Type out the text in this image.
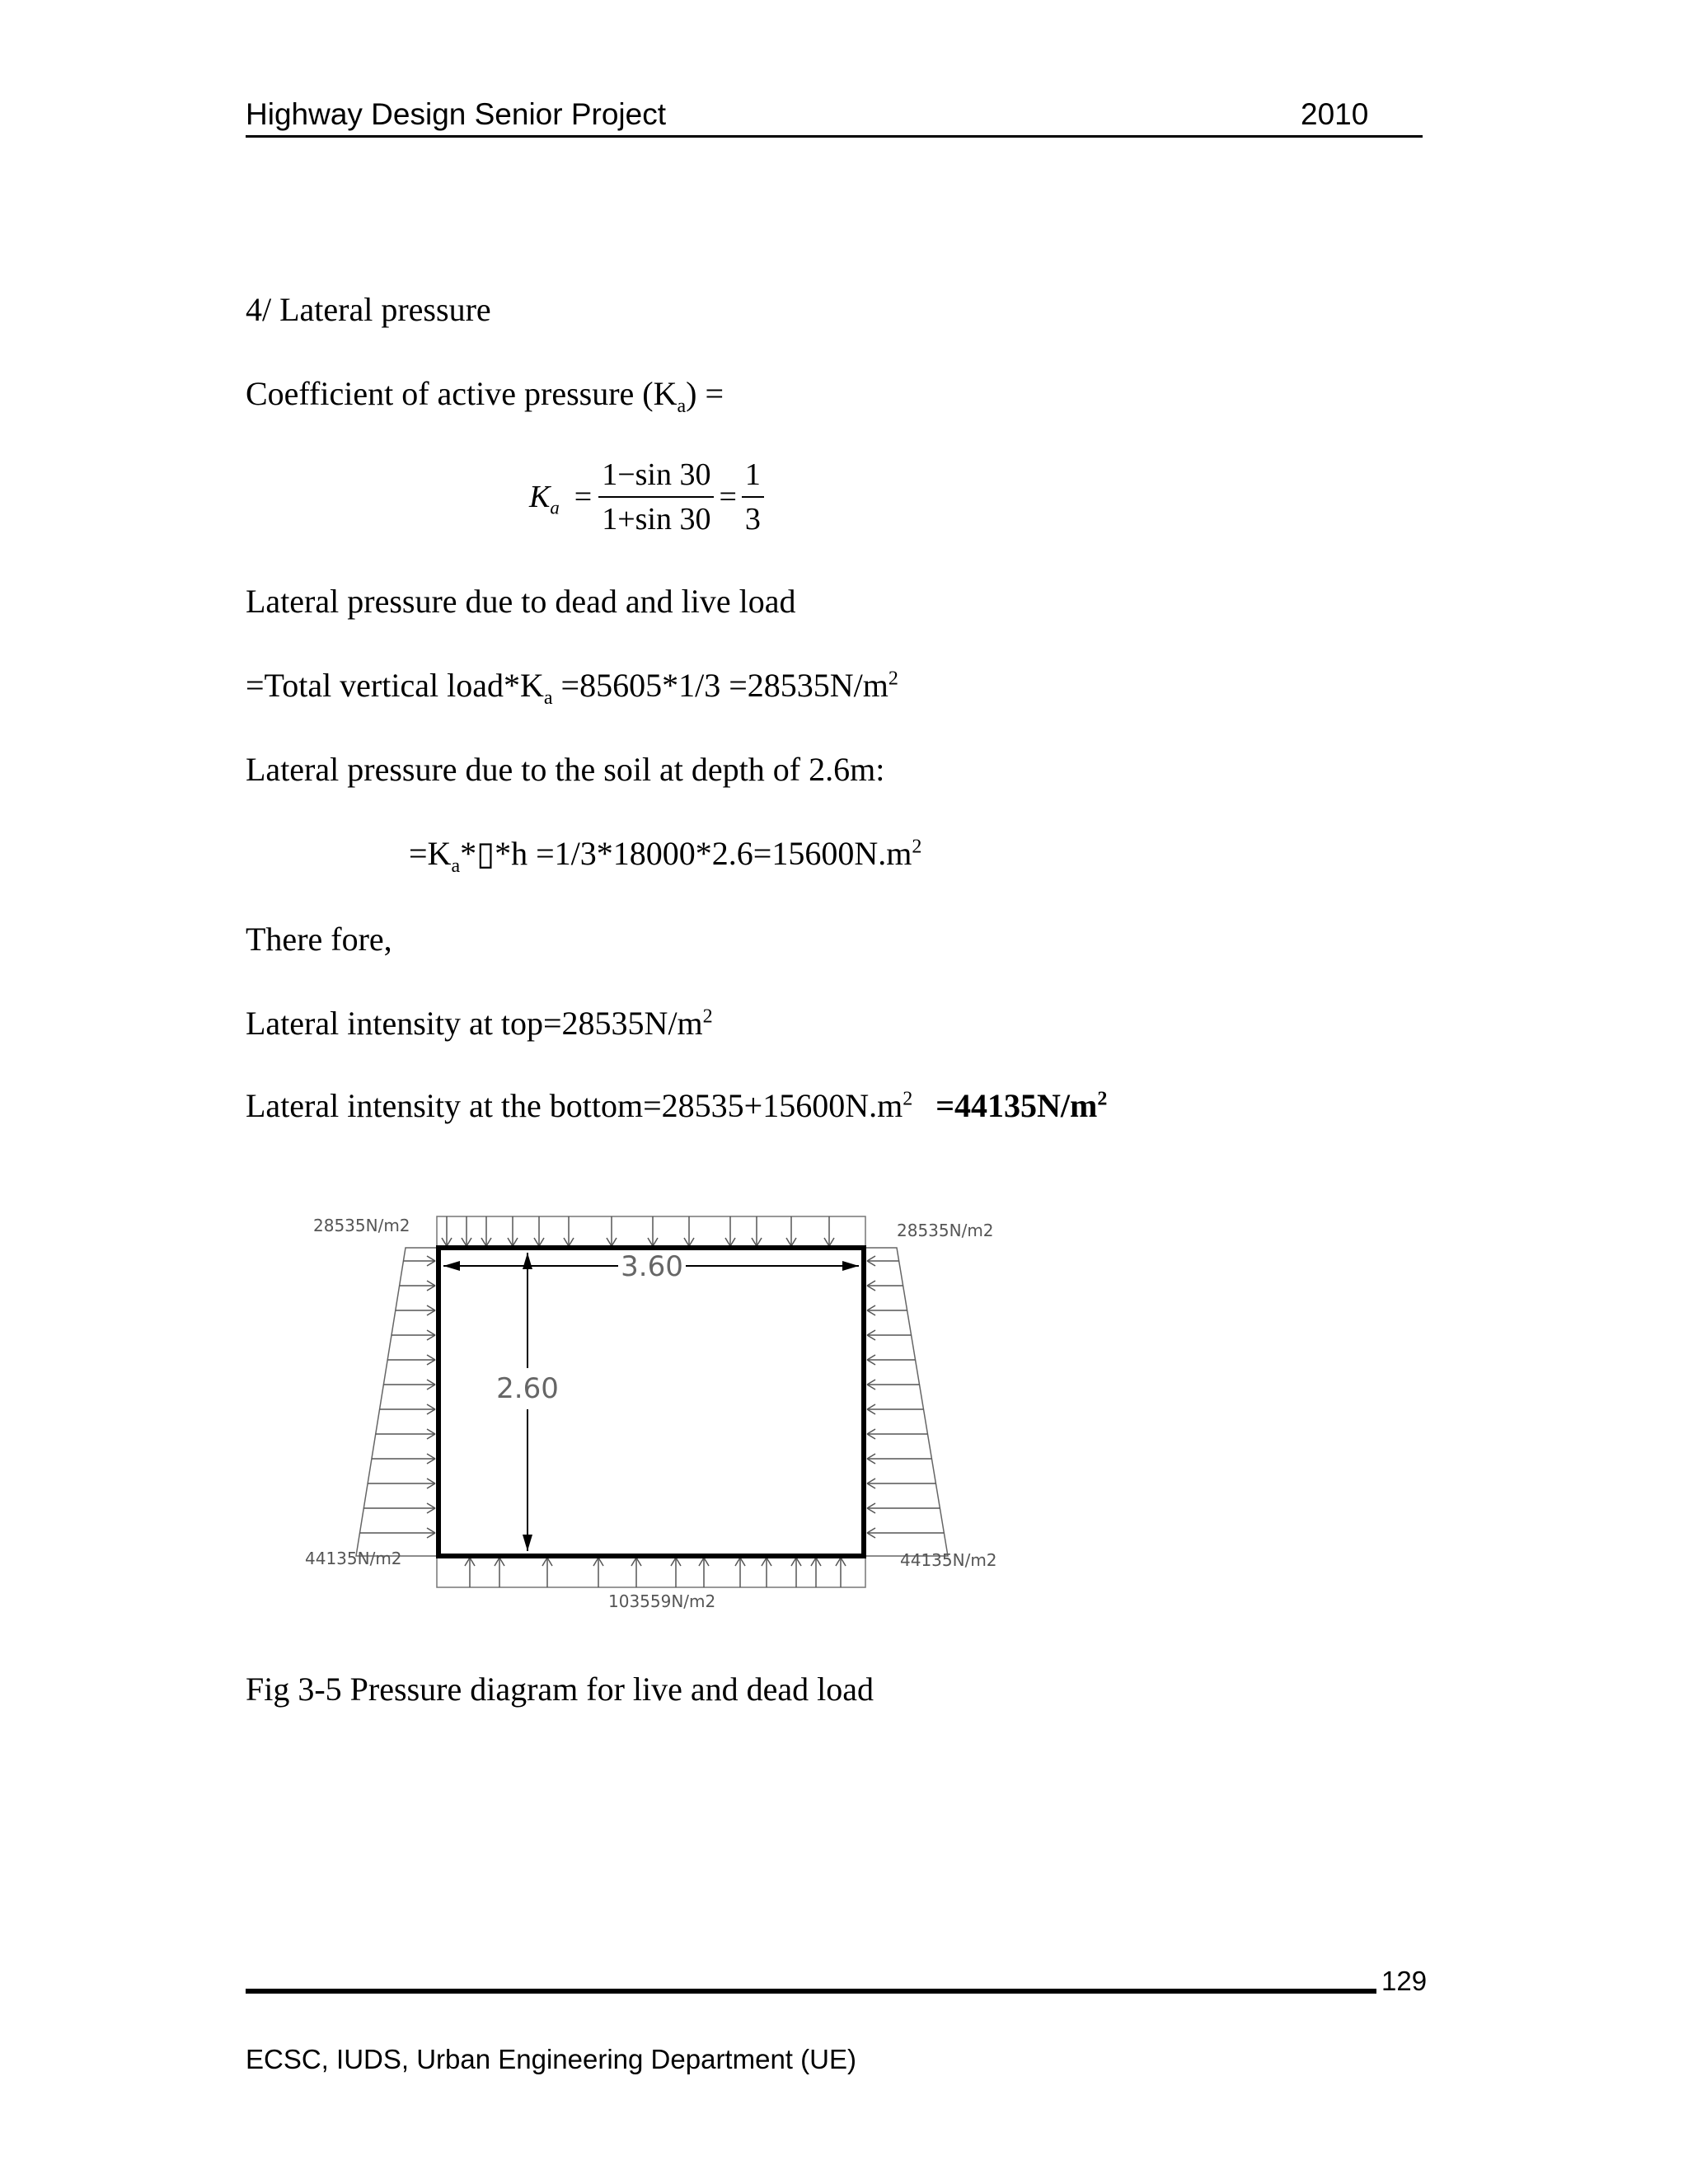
Highway Design Senior Project	2010
4/ Lateral pressure
Coefficient of active pressure $(K_a)$ =
$K_a = \frac{1-\sin 30}{1+\sin 30} = \frac{1}{3}$
Lateral pressure due to dead and live load
=Total vertical $load*K_a =85605*1/3 =28535N/m^2$
Lateral pressure due to the soil at depth of 2.6m:
$=K_a*▯*h =1/3*18000*2.6=15600N.m^2$
There fore,
Lateral intensity at $top=28535N/m^2$
Lateral intensity at the $bottom=28535+15600N.m^2 =44135N/m^2$
3.60
2.60
28535N/m2	28535N/m2
44135N/m2	44135N/m2
103559N/m2
Fig 3-5 Pressure diagram for live and dead load
129
ECSC, IUDS, Urban Engineering Department (UE)
